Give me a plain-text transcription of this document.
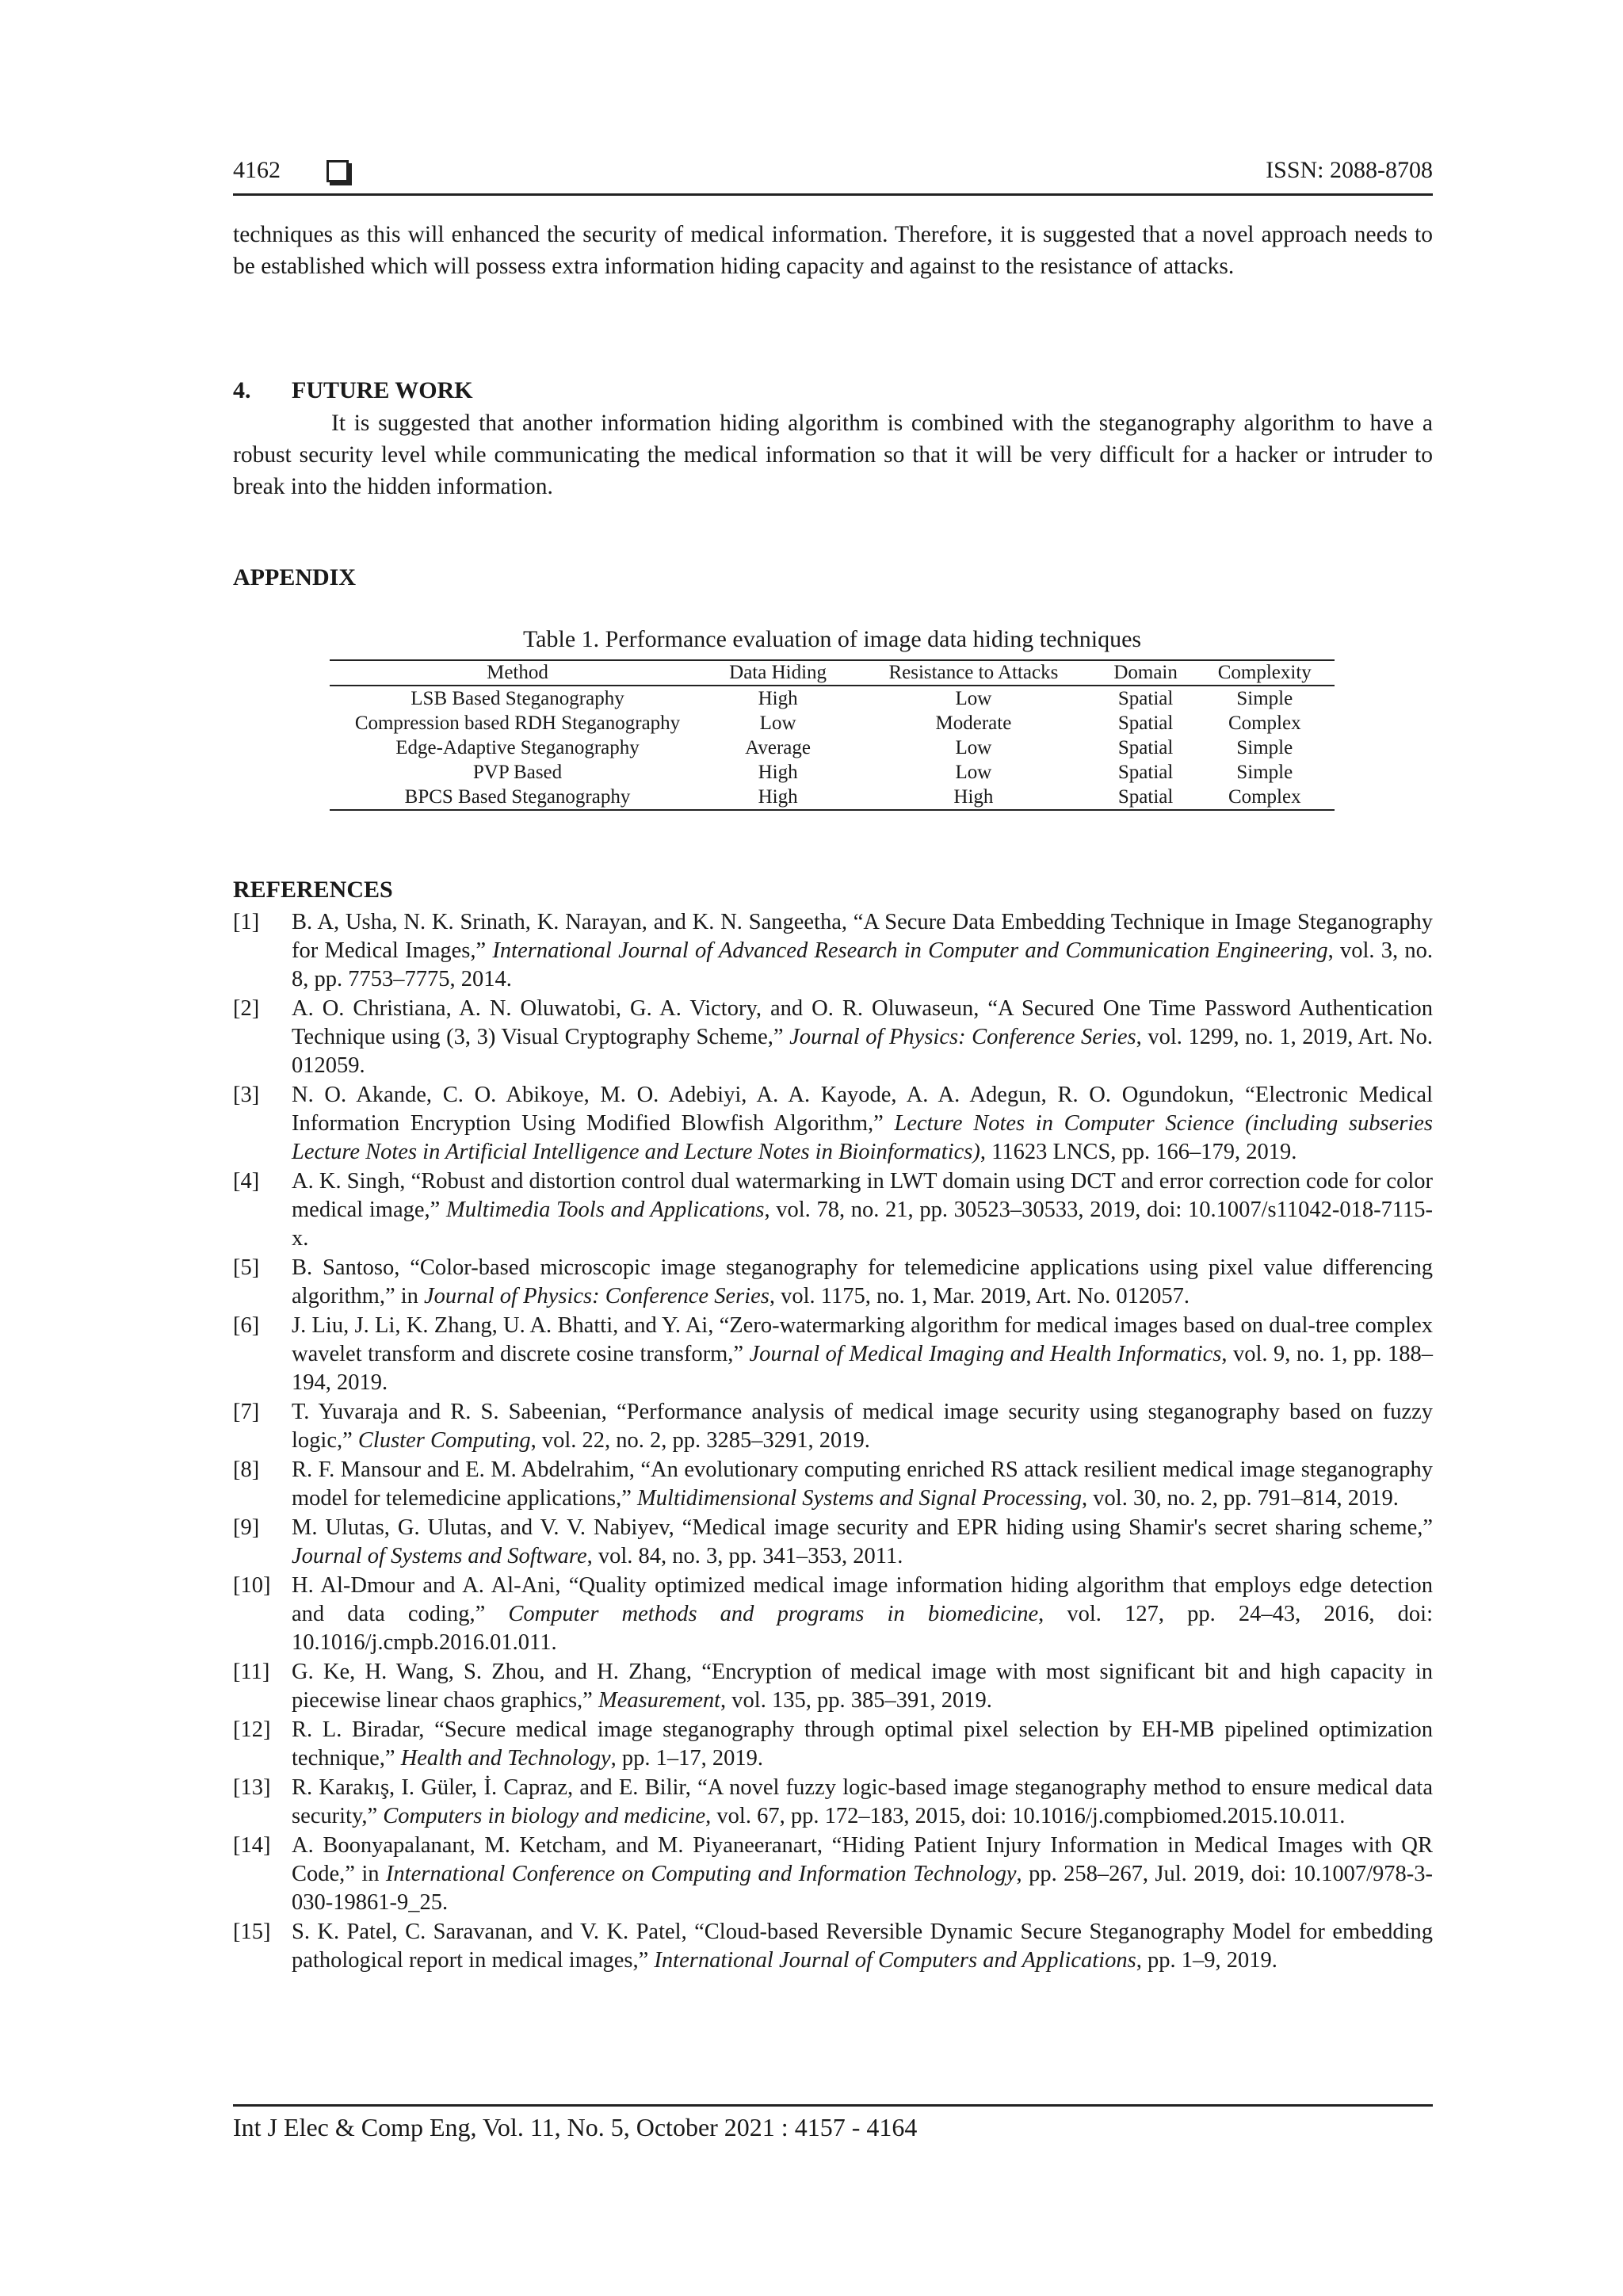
4162	ISSN: 2088-8708

techniques as this will enhanced the security of medical information. Therefore, it is suggested that a novel approach needs to be established which will possess extra information hiding capacity and against to the resistance of attacks.

4. FUTURE WORK

It is suggested that another information hiding algorithm is combined with the steganography algorithm to have a robust security level while communicating the medical information so that it will be very difficult for a hacker or intruder to break into the hidden information.

APPENDIX
Table 1. Performance evaluation of image data hiding techniques
Method	Data Hiding	Resistance to Attacks	Domain	Complexity
LSB Based Steganography	High	Low	Spatial	Simple
Compression based RDH Steganography	Low	Moderate	Spatial	Complex
Edge-Adaptive Steganography	Average	Low	Spatial	Simple
PVP Based	High	Low	Spatial	Simple
BPCS Based Steganography	High	High	Spatial	Complex
REFERENCES
[1] B. A, Usha, N. K. Srinath, K. Narayan, and K. N. Sangeetha, “A Secure Data Embedding Technique in Image Steganography for Medical Images,” International Journal of Advanced Research in Computer and Communication Engineering, vol. 3, no. 8, pp. 7753–7775, 2014.
[2] A. O. Christiana, A. N. Oluwatobi, G. A. Victory, and O. R. Oluwaseun, “A Secured One Time Password Authentication Technique using (3, 3) Visual Cryptography Scheme,” Journal of Physics: Conference Series, vol. 1299, no. 1, 2019, Art. No. 012059.
[3] N. O. Akande, C. O. Abikoye, M. O. Adebiyi, A. A. Kayode, A. A. Adegun, R. O. Ogundokun, “Electronic Medical Information Encryption Using Modified Blowfish Algorithm,” Lecture Notes in Computer Science (including subseries Lecture Notes in Artificial Intelligence and Lecture Notes in Bioinformatics), 11623 LNCS, pp. 166–179, 2019.
[4] A. K. Singh, “Robust and distortion control dual watermarking in LWT domain using DCT and error correction code for color medical image,” Multimedia Tools and Applications, vol. 78, no. 21, pp. 30523–30533, 2019, doi: 10.1007/s11042-018-7115-x.
[5] B. Santoso, “Color-based microscopic image steganography for telemedicine applications using pixel value differencing algorithm,” in Journal of Physics: Conference Series, vol. 1175, no. 1, Mar. 2019, Art. No. 012057.
[6] J. Liu, J. Li, K. Zhang, U. A. Bhatti, and Y. Ai, “Zero-watermarking algorithm for medical images based on dual-tree complex wavelet transform and discrete cosine transform,” Journal of Medical Imaging and Health Informatics, vol. 9, no. 1, pp. 188–194, 2019.
[7] T. Yuvaraja and R. S. Sabeenian, “Performance analysis of medical image security using steganography based on fuzzy logic,” Cluster Computing, vol. 22, no. 2, pp. 3285–3291, 2019.
[8] R. F. Mansour and E. M. Abdelrahim, “An evolutionary computing enriched RS attack resilient medical image steganography model for telemedicine applications,” Multidimensional Systems and Signal Processing, vol. 30, no. 2, pp. 791–814, 2019.
[9] M. Ulutas, G. Ulutas, and V. V. Nabiyev, “Medical image security and EPR hiding using Shamir's secret sharing scheme,” Journal of Systems and Software, vol. 84, no. 3, pp. 341–353, 2011.
[10] H. Al-Dmour and A. Al-Ani, “Quality optimized medical image information hiding algorithm that employs edge detection and data coding,” Computer methods and programs in biomedicine, vol. 127, pp. 24–43, 2016, doi: 10.1016/j.cmpb.2016.01.011.
[11] G. Ke, H. Wang, S. Zhou, and H. Zhang, “Encryption of medical image with most significant bit and high capacity in piecewise linear chaos graphics,” Measurement, vol. 135, pp. 385–391, 2019.
[12] R. L. Biradar, “Secure medical image steganography through optimal pixel selection by EH-MB pipelined optimization technique,” Health and Technology, pp. 1–17, 2019.
[13] R. Karakış, I. Güler, İ. Capraz, and E. Bilir, “A novel fuzzy logic-based image steganography method to ensure medical data security,” Computers in biology and medicine, vol. 67, pp. 172–183, 2015, doi: 10.1016/j.compbiomed.2015.10.011.
[14] A. Boonyapalanant, M. Ketcham, and M. Piyaneeranart, “Hiding Patient Injury Information in Medical Images with QR Code,” in International Conference on Computing and Information Technology, pp. 258–267, Jul. 2019, doi: 10.1007/978-3-030-19861-9_25.
[15] S. K. Patel, C. Saravanan, and V. K. Patel, “Cloud-based Reversible Dynamic Secure Steganography Model for embedding pathological report in medical images,” International Journal of Computers and Applications, pp. 1–9, 2019.
Int J Elec & Comp Eng, Vol. 11, No. 5, October 2021 : 4157 - 4164
